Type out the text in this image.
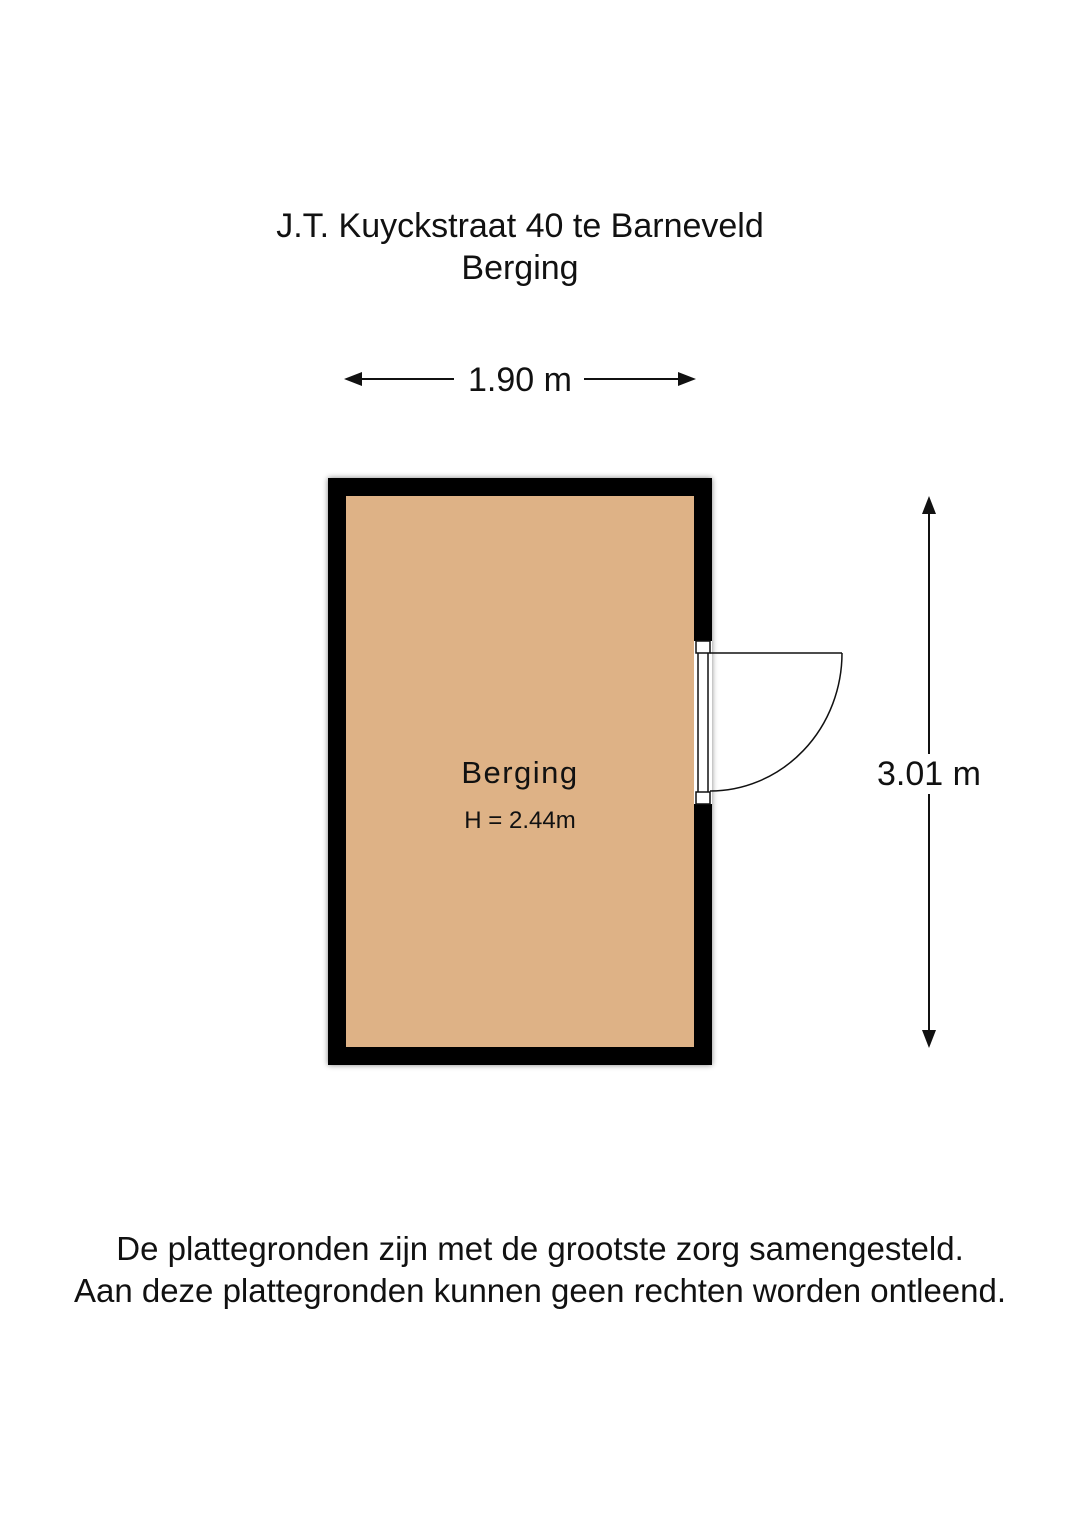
J.T. Kuyckstraat 40 te Barneveld
Berging
1.90 m
Berging
H = 2.44m
3.01 m
De plattegronden zijn met de grootste zorg samengesteld.
Aan deze plattegronden kunnen geen rechten worden ontleend.
